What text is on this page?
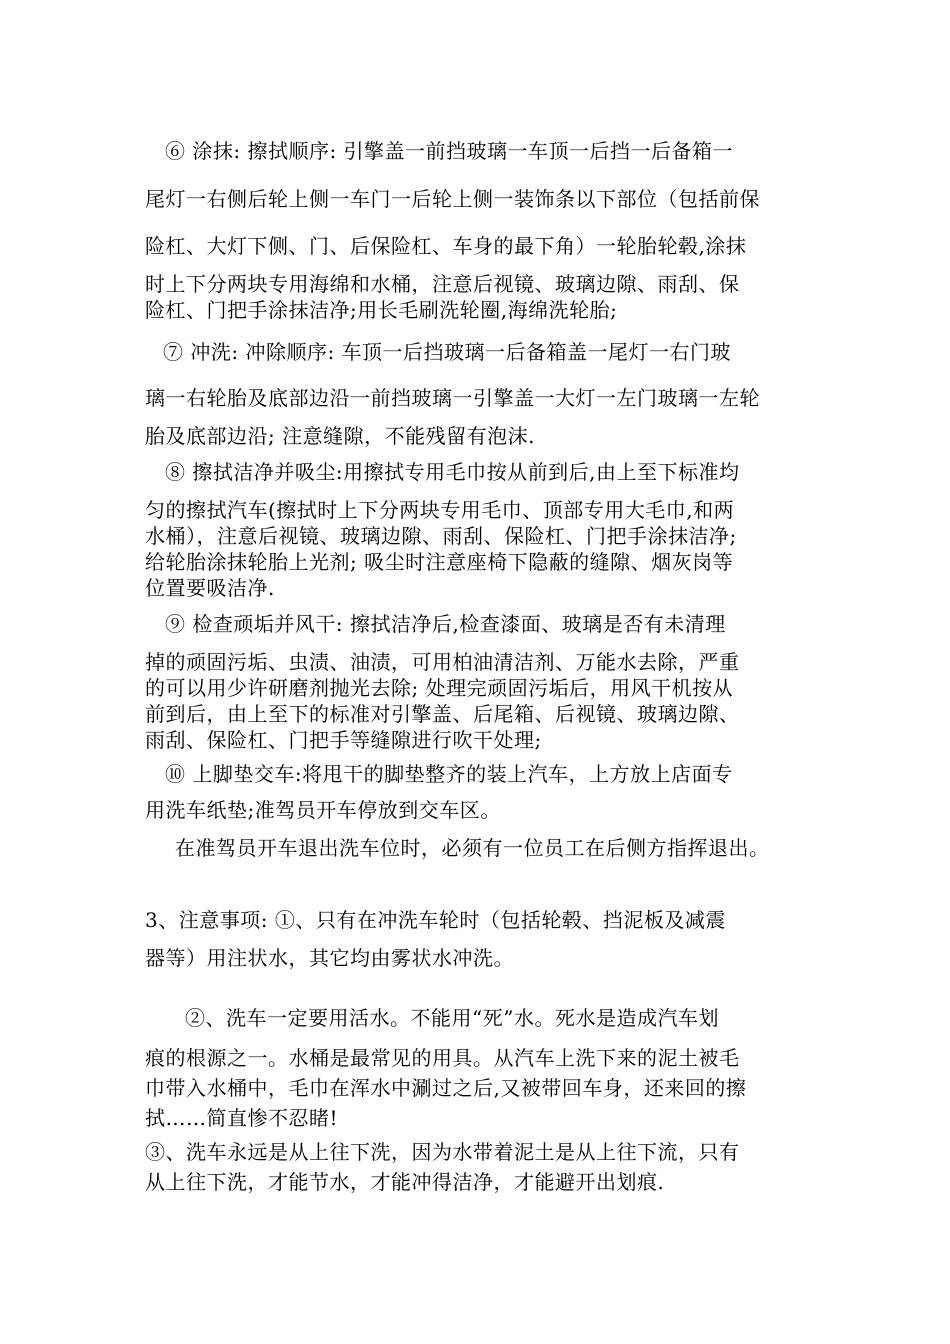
⑥ 涂抹: 擦拭顺序: 引擎盖一前挡玻璃一车顶一后挡一后备箱一
尾灯一右侧后轮上侧一车门一后轮上侧一装饰条以下部位（包括前保
险杠、大灯下侧、门、后保险杠、车身的最下角）一轮胎轮毂,涂抹
时上下分两块专用海绵和水桶，注意后视镜、玻璃边隙、雨刮、保
险杠、门把手涂抹洁净;用长毛刷洗轮圈,海绵洗轮胎;
⑦ 冲洗: 冲除顺序: 车顶一后挡玻璃一后备箱盖一尾灯一右门玻
璃一右轮胎及底部边沿一前挡玻璃一引擎盖一大灯一左门玻璃一左轮
胎及底部边沿; 注意缝隙，不能残留有泡沫.
⑧ 擦拭洁净并吸尘:用擦拭专用毛巾按从前到后,由上至下标准均
匀的擦拭汽车(擦拭时上下分两块专用毛巾、顶部专用大毛巾,和两
水桶），注意后视镜、玻璃边隙、雨刮、保险杠、门把手涂抹洁净;
给轮胎涂抹轮胎上光剂; 吸尘时注意座椅下隐蔽的缝隙、烟灰岗等
位置要吸洁净.
⑨ 检查顽垢并风干: 擦拭洁净后,检查漆面、玻璃是否有未清理
掉的顽固污垢、虫渍、油渍，可用柏油清洁剂、万能水去除，严重
的可以用少许研磨剂抛光去除; 处理完顽固污垢后，用风干机按从
前到后，由上至下的标准对引擎盖、后尾箱、后视镜、玻璃边隙、
雨刮、保险杠、门把手等缝隙进行吹干处理;
⑩ 上脚垫交车:将甩干的脚垫整齐的装上汽车，上方放上店面专
用洗车纸垫;准驾员开车停放到交车区。
在准驾员开车退出洗车位时，必须有一位员工在后侧方指挥退出。
3、注意事项: ①、只有在冲洗车轮时（包括轮毂、挡泥板及减震
器等）用注状水，其它均由雾状水冲洗。
②、洗车一定要用活水。不能用“死”水。死水是造成汽车划
痕的根源之一。水桶是最常见的用具。从汽车上洗下来的泥土被毛
巾带入水桶中，毛巾在浑水中涮过之后,又被带回车身，还来回的擦
拭……简直惨不忍睹!
③、洗车永远是从上往下洗，因为水带着泥土是从上往下流，只有
从上往下洗，才能节水，才能冲得洁净，才能避开出划痕.
